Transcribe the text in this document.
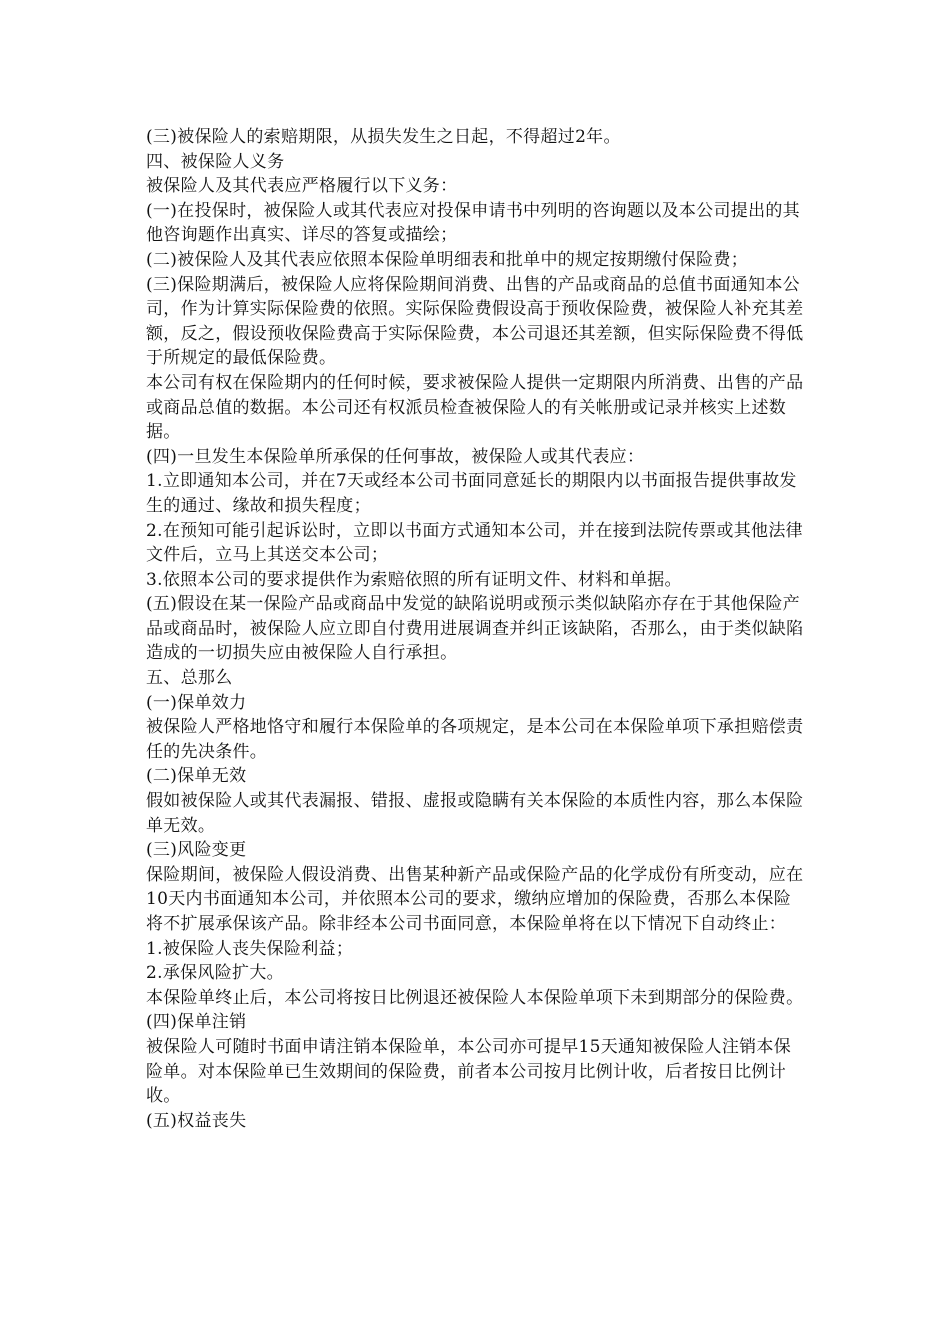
(三)被保险人的索赔期限，从损失发生之日起，不得超过2年。

四、被保险人义务

被保险人及其代表应严格履行以下义务：

(一)在投保时，被保险人或其代表应对投保申请书中列明的咨询题以及本公司提出的其他咨询题作出真实、详尽的答复或描绘；

(二)被保险人及其代表应依照本保险单明细表和批单中的规定按期缴付保险费；

(三)保险期满后，被保险人应将保险期间消费、出售的产品或商品的总值书面通知本公司，作为计算实际保险费的依照。实际保险费假设高于预收保险费，被保险人补充其差额，反之，假设预收保险费高于实际保险费，本公司退还其差额，但实际保险费不得低于所规定的最低保险费。

本公司有权在保险期内的任何时候，要求被保险人提供一定期限内所消费、出售的产品或商品总值的数据。本公司还有权派员检查被保险人的有关帐册或记录并核实上述数据。

(四)一旦发生本保险单所承保的任何事故，被保险人或其代表应：

1.立即通知本公司，并在7天或经本公司书面同意延长的期限内以书面报告提供事故发生的通过、缘故和损失程度；

2.在预知可能引起诉讼时，立即以书面方式通知本公司，并在接到法院传票或其他法律文件后，立马上其送交本公司；

3.依照本公司的要求提供作为索赔依照的所有证明文件、材料和单据。

(五)假设在某一保险产品或商品中发觉的缺陷说明或预示类似缺陷亦存在于其他保险产品或商品时，被保险人应立即自付费用进展调查并纠正该缺陷，否那么，由于类似缺陷造成的一切损失应由被保险人自行承担。

五、总那么

(一)保单效力

被保险人严格地恪守和履行本保险单的各项规定，是本公司在本保险单项下承担赔偿责任的先决条件。

(二)保单无效

假如被保险人或其代表漏报、错报、虚报或隐瞒有关本保险的本质性内容，那么本保险单无效。

(三)风险变更

保险期间，被保险人假设消费、出售某种新产品或保险产品的化学成份有所变动，应在10天内书面通知本公司，并依照本公司的要求，缴纳应增加的保险费，否那么本保险将不扩展承保该产品。除非经本公司书面同意，本保险单将在以下情况下自动终止：

1.被保险人丧失保险利益；

2.承保风险扩大。

本保险单终止后，本公司将按日比例退还被保险人本保险单项下未到期部分的保险费。

(四)保单注销

被保险人可随时书面申请注销本保险单，本公司亦可提早15天通知被保险人注销本保险单。对本保险单已生效期间的保险费，前者本公司按月比例计收，后者按日比例计收。

(五)权益丧失
